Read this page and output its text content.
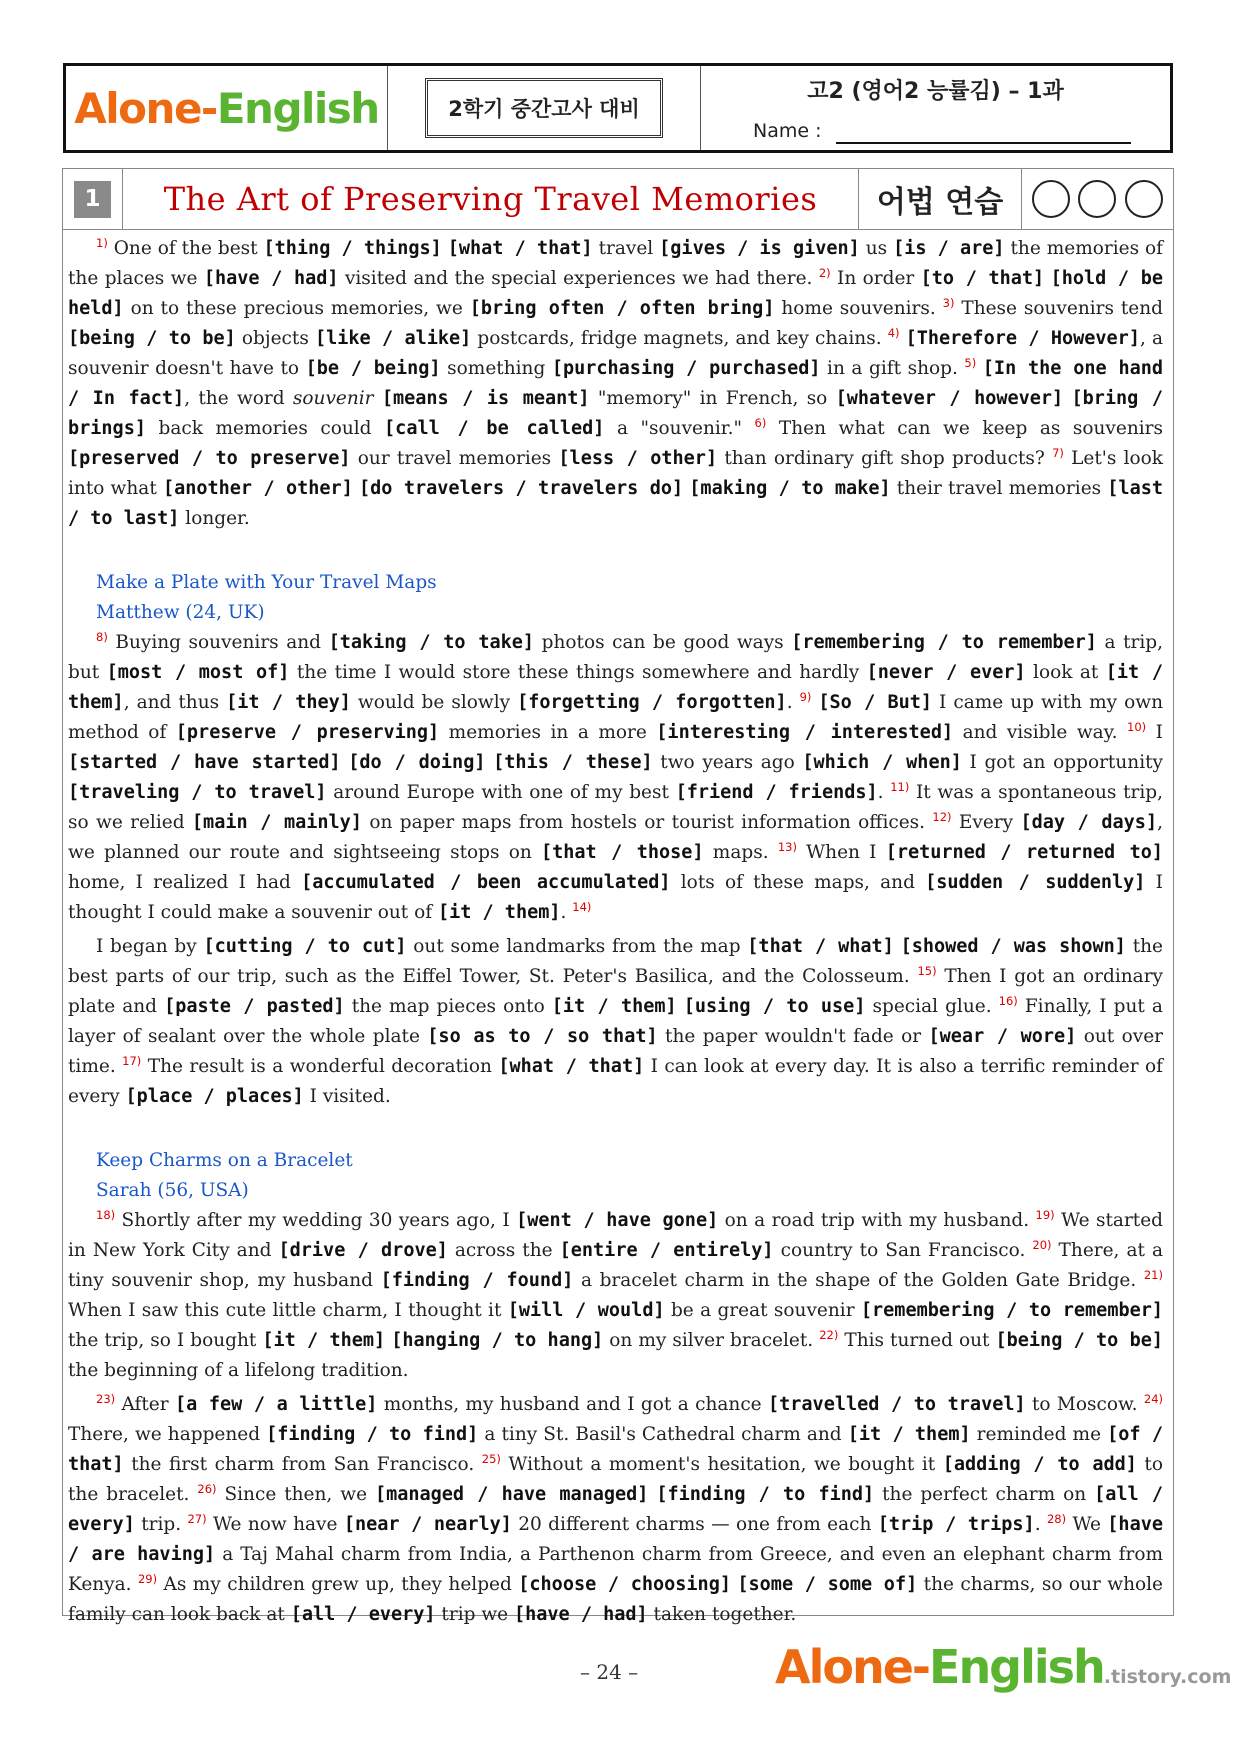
Alone- English	2학기 중간고사 대비
고2 (영어2 능률김) – 1과
Name :
1	The Art of Preserving Travel Memories	어법 연습

$^{1)}$ One of the best [thing / things] [what / that] travel [gives / is given] us [is / are] the memories of the places we [have / had] visited and the special experiences we had there. $^{2)}$ In order [to / that] [hold / be held] on to these precious memories, we [bring often / often bring] home souvenirs. $^{3)}$ These souvenirs tend [being / to be] objects [like / alike] postcards, fridge magnets, and key chains. $^{4)}$ [Therefore / However], a souvenir doesn't have to [be / being] something [purchasing / purchased] in a gift shop. $^{5)}$ [In the one hand / In fact], the word souvenir [means / is meant] "memory" in French, so [whatever / however] [bring / brings] back memories could [call / be called] a "souvenir." $^{6)}$ Then what can we keep as souvenirs [preserved / to preserve] our travel memories [less / other] than ordinary gift shop products? $^{7)}$ Let's look into what [another / other] [do travelers / travelers do] [making / to make] their travel memories [last / to last] longer.

Make a Plate with Your Travel Maps
Matthew (24, UK)

$^{8)}$ Buying souvenirs and [taking / to take] photos can be good ways [remembering / to remember] a trip, but [most / most of] the time I would store these things somewhere and hardly [never / ever] look at [it / them], and thus [it / they] would be slowly [forgetting / forgotten]. $^{9)}$ [So / But] I came up with my own method of [preserve / preserving] memories in a more [interesting / interested] and visible way. $^{10)}$ I [started / have started] [do / doing] [this / these] two years ago [which / when] I got an opportunity [traveling / to travel] around Europe with one of my best [friend / friends]. $^{11)}$ It was a spontaneous trip, so we relied [main / mainly] on paper maps from hostels or tourist information offices. $^{12)}$ Every [day / days], we planned our route and sightseeing stops on [that / those] maps. $^{13)}$ When I [returned / returned to] home, I realized I had [accumulated / been accumulated] lots of these maps, and [sudden / suddenly] I thought I could make a souvenir out of [it / them]. $^{14)}$

I began by [cutting / to cut] out some landmarks from the map [that / what] [showed / was shown] the best parts of our trip, such as the Eiffel Tower, St. Peter's Basilica, and the Colosseum. $^{15)}$ Then I got an ordinary plate and [paste / pasted] the map pieces onto [it / them] [using / to use] special glue. $^{16)}$ Finally, I put a layer of sealant over the whole plate [so as to / so that] the paper wouldn't fade or [wear / wore] out over time. $^{17)}$ The result is a wonderful decoration [what / that] I can look at every day. It is also a terrific reminder of every [place / places] I visited.

Keep Charms on a Bracelet
Sarah (56, USA)

$^{18)}$ Shortly after my wedding 30 years ago, I [went / have gone] on a road trip with my husband. $^{19)}$ We started in New York City and [drive / drove] across the [entire / entirely] country to San Francisco. $^{20)}$ There, at a tiny souvenir shop, my husband [finding / found] a bracelet charm in the shape of the Golden Gate Bridge. $^{21)}$ When I saw this cute little charm, I thought it [will / would] be a great souvenir [remembering / to remember] the trip, so I bought [it / them] [hanging / to hang] on my silver bracelet. $^{22)}$ This turned out [being / to be] the beginning of a lifelong tradition.

$^{23)}$ After [a few / a little] months, my husband and I got a chance [travelled / to travel] to Moscow. $^{24)}$ There, we happened [finding / to find] a tiny St. Basil's Cathedral charm and [it / them] reminded me [of / that] the first charm from San Francisco. $^{25)}$ Without a moment's hesitation, we bought it [adding / to add] to the bracelet. $^{26)}$ Since then, we [managed / have managed] [finding / to find] the perfect charm on [all / every] trip. $^{27)}$ We now have [near / nearly] 20 different charms — one from each [trip / trips]. $^{28)}$ We [have / are having] a Taj Mahal charm from India, a Parthenon charm from Greece, and even an elephant charm from Kenya. $^{29)}$ As my children grew up, they helped [choose / choosing] [some / some of] the charms, so our whole family can look back at [all / every] trip we [have / had] taken together.

– 24 –	Alone-English.tistory.com
